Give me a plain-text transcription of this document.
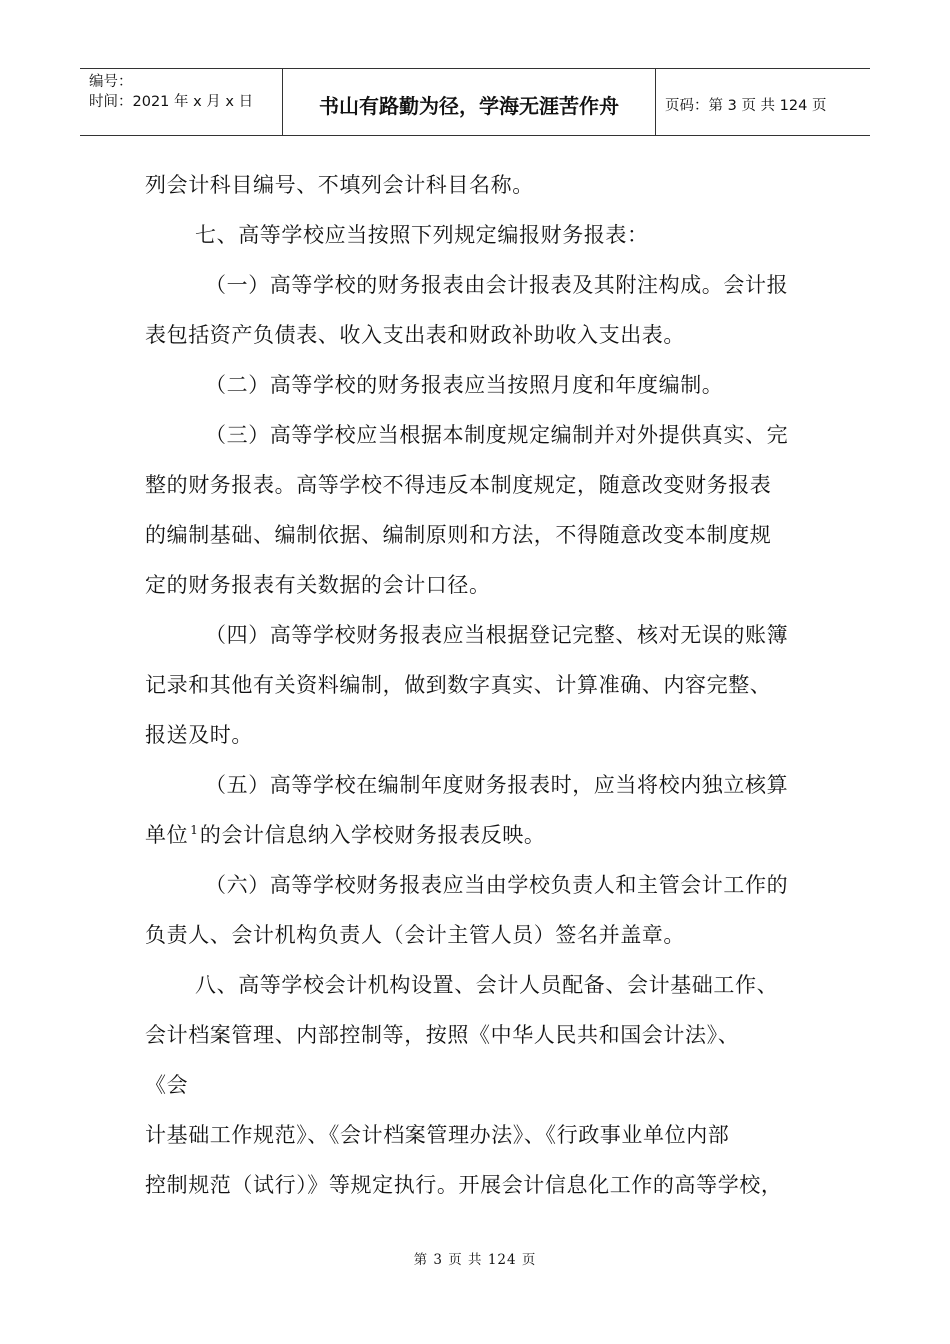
编号：
时间：2021 年 x 月 x 日	书山有路勤为径，学海无涯苦作舟	页码：第 3 页 共 124 页

列会计科目编号、不填列会计科目名称。

七、高等学校应当按照下列规定编报财务报表：

（一）高等学校的财务报表由会计报表及其附注构成。会计报

表包括资产负债表、收入支出表和财政补助收入支出表。

（二）高等学校的财务报表应当按照月度和年度编制。

（三）高等学校应当根据本制度规定编制并对外提供真实、完

整的财务报表。高等学校不得违反本制度规定，随意改变财务报表

的编制基础、编制依据、编制原则和方法，不得随意改变本制度规

定的财务报表有关数据的会计口径。

（四）高等学校财务报表应当根据登记完整、核对无误的账簿

记录和其他有关资料编制，做到数字真实、计算准确、内容完整、

报送及时。

（五）高等学校在编制年度财务报表时，应当将校内独立核算

单位 $^1$的会计信息纳入学校财务报表反映。

（六）高等学校财务报表应当由学校负责人和主管会计工作的

负责人、会计机构负责人（会计主管人员）签名并盖章。

八、高等学校会计机构设置、会计人员配备、会计基础工作、

会计档案管理、内部控制等，按照《中华人民共和国会计法》、

《会

计基础工作规范》、《会计档案管理办法》、《行政事业单位内部

控制规范（试行）》等规定执行。开展会计信息化工作的高等学校，

第 3 页 共 124 页
